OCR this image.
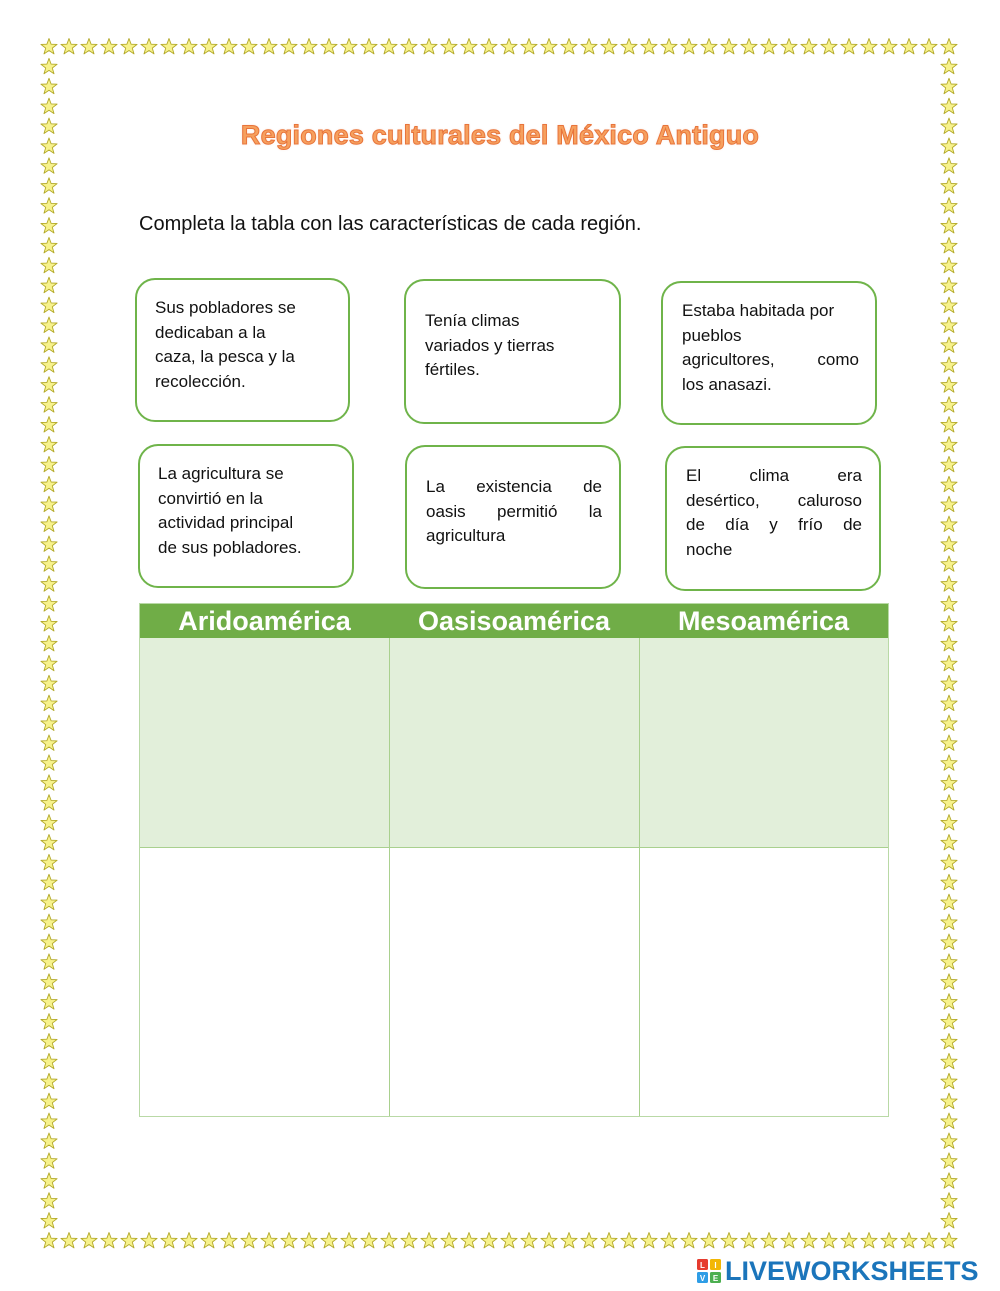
Regiones culturales del México Antiguo
Completa la tabla con las características de cada región.
Sus pobladores se
dedicaban a la
caza, la pesca y la
recolección.
Tenía climas
variados y tierras
fértiles.
Estaba habitada por
pueblos
agricultores, como
los anasazi.
La agricultura se
convirtió en la
actividad principal
de sus pobladores.
La existencia de
oasis permitió la
agricultura
El clima era
desértico, caluroso
de día y frío de
noche
Aridoamérica	Oasisoamérica	Mesoamérica
L I
V E LIVEWORKSHEETS
